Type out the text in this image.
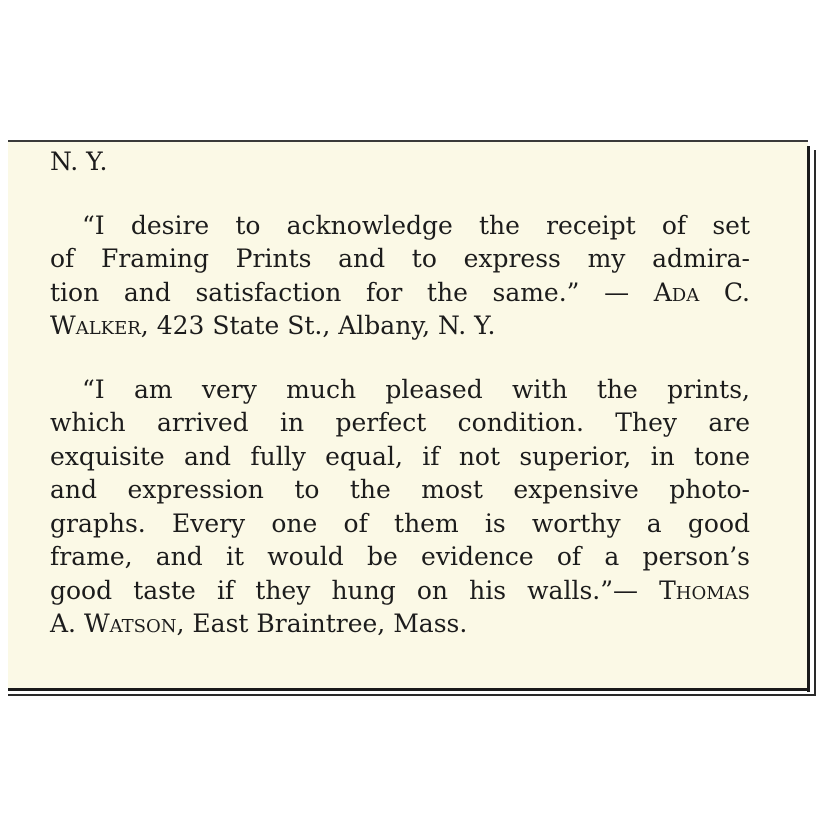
N. Y.
“I desire to acknowledge the receipt of set
of Framing Prints and to express my admira-
tion and satisfaction for the same.” — Ada C.
Walker, 423 State St., Albany, N. Y.
“I am very much pleased with the prints,
which arrived in perfect condition. They are
exquisite and fully equal, if not superior, in tone
and expression to the most expensive photo-
graphs. Every one of them is worthy a good
frame, and it would be evidence of a person’s
good taste if they hung on his walls.”— Thomas
A. Watson, East Braintree, Mass.
